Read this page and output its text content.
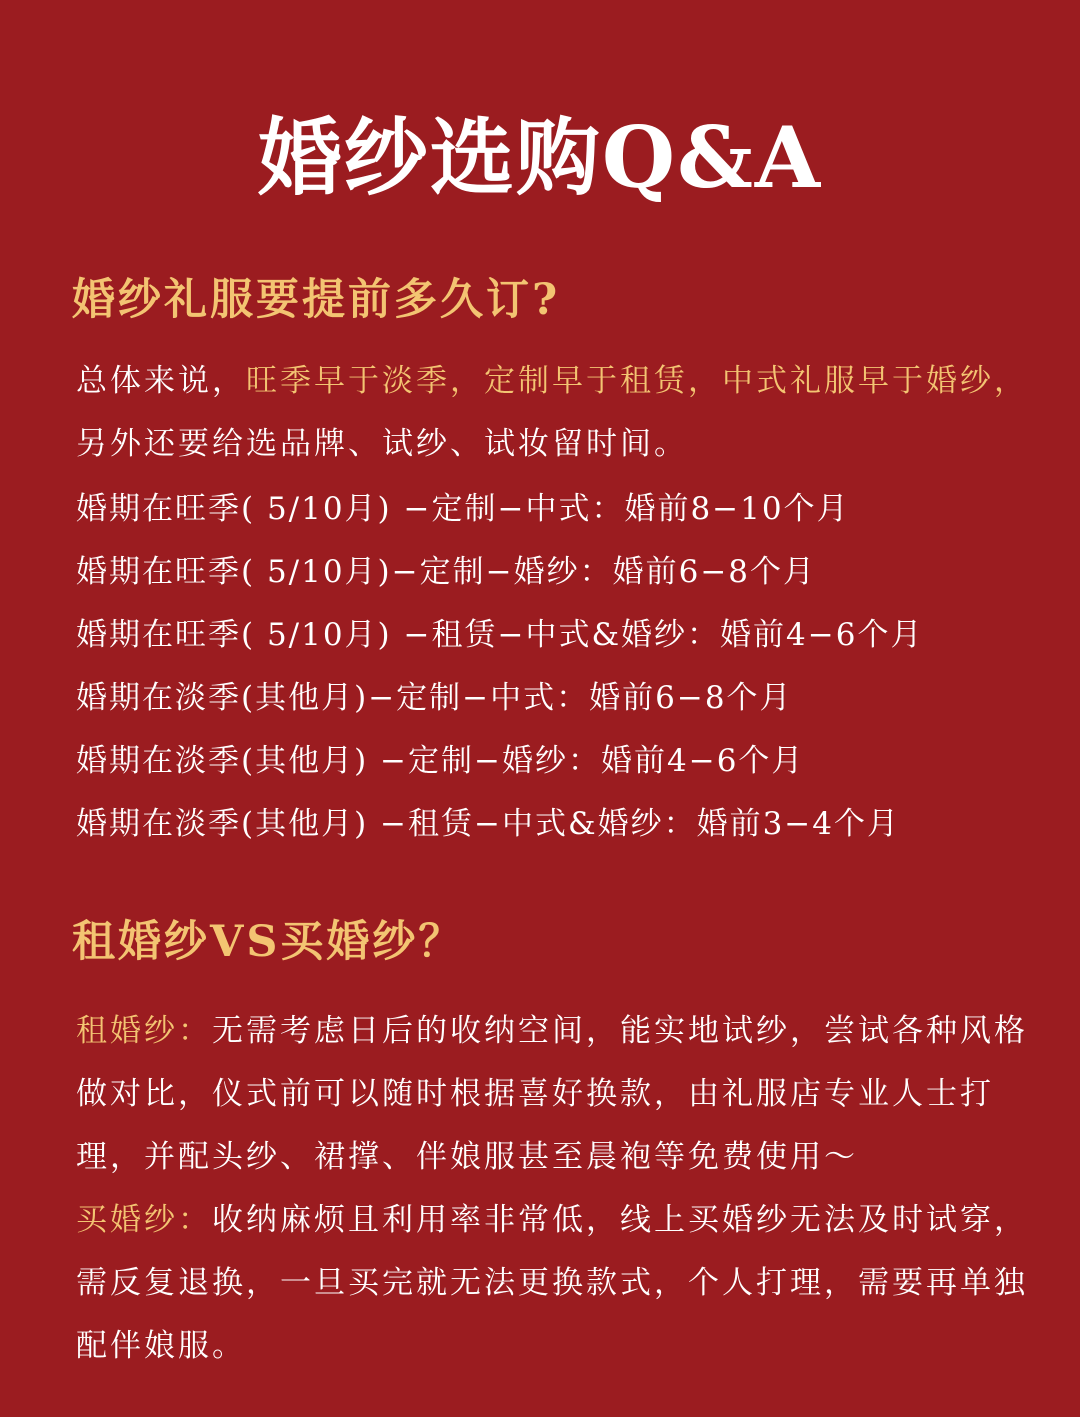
婚纱选购Q&A
婚纱礼服要提前多久订?
总体来说，旺季早于淡季，定制早于租赁，中式礼服早于婚纱，另外还要给选品牌、试纱、试妆留时间。
婚期在旺季( 5/10月) −定制−中式：婚前8−10个月
婚期在旺季( 5/10月)−定制−婚纱：婚前6−8个月
婚期在旺季( 5/10月) −租赁−中式&婚纱：婚前4−6个月
婚期在淡季(其他月)−定制−中式：婚前6−8个月
婚期在淡季(其他月) −定制−婚纱：婚前4−6个月
婚期在淡季(其他月) −租赁−中式&婚纱：婚前3−4个月
租婚纱VS买婚纱？
租婚纱：无需考虑日后的收纳空间，能实地试纱，尝试各种风格做对比，仪式前可以随时根据喜好换款，由礼服店专业人士打理，并配头纱、裙撑、伴娘服甚至晨袍等免费使用～
买婚纱：收纳麻烦且利用率非常低，线上买婚纱无法及时试穿，需反复退换，一旦买完就无法更换款式，个人打理，需要再单独配伴娘服。
